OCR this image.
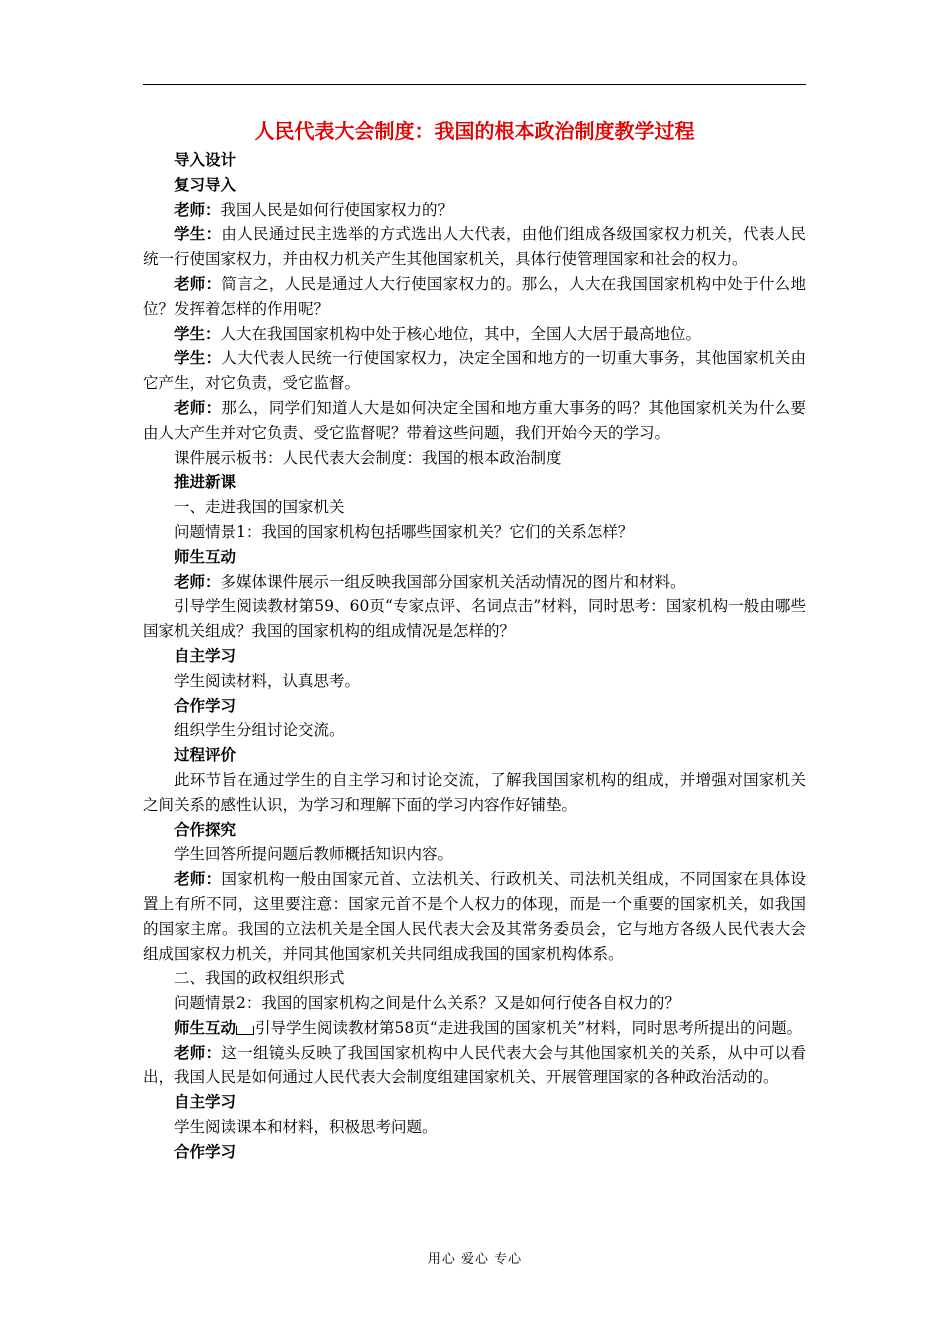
人民代表大会制度：我国的根本政治制度教学过程

导入设计

复习导入

老师：我国人民是如何行使国家权力的？

学生：由人民通过民主选举的方式选出人大代表，由他们组成各级国家权力机关，代表人民统一行使国家权力，并由权力机关产生其他国家机关，具体行使管理国家和社会的权力。

老师：简言之，人民是通过人大行使国家权力的。那么，人大在我国国家机构中处于什么地位？发挥着怎样的作用呢？

学生：人大在我国国家机构中处于核心地位，其中，全国人大居于最高地位。

学生：人大代表人民统一行使国家权力，决定全国和地方的一切重大事务，其他国家机关由它产生，对它负责，受它监督。

老师：那么，同学们知道人大是如何决定全国和地方重大事务的吗？其他国家机关为什么要由人大产生并对它负责、受它监督呢？带着这些问题，我们开始今天的学习。

课件展示板书：人民代表大会制度：我国的根本政治制度

推进新课

一、走进我国的国家机关

问题情景1：我国的国家机构包括哪些国家机关？它们的关系怎样？

师生互动

老师：多媒体课件展示一组反映我国部分国家机关活动情况的图片和材料。

引导学生阅读教材第59、60页“专家点评、名词点击”材料，同时思考：国家机构一般由哪些国家机关组成？我国的国家机构的组成情况是怎样的？

自主学习

学生阅读材料，认真思考。

合作学习

组织学生分组讨论交流。

过程评价

此环节旨在通过学生的自主学习和讨论交流，了解我国国家机构的组成，并增强对国家机关之间关系的感性认识，为学习和理解下面的学习内容作好铺垫。

合作探究

学生回答所提问题后教师概括知识内容。

老师：国家机构一般由国家元首、立法机关、行政机关、司法机关组成，不同国家在具体设置上有所不同，这里要注意：国家元首不是个人权力的体现，而是一个重要的国家机关，如我国的国家主席。我国的立法机关是全国人民代表大会及其常务委员会，它与地方各级人民代表大会组成国家权力机关，并同其他国家机关共同组成我国的国家机构体系。

二、我国的政权组织形式

问题情景2：我国的国家机构之间是什么关系？又是如何行使各自权力的？

师生互动 引导学生阅读教材第58页“走进我国的国家机关”材料，同时思考所提出的问题。

老师：这一组镜头反映了我国国家机构中人民代表大会与其他国家机关的关系，从中可以看出，我国人民是如何通过人民代表大会制度组建国家机关、开展管理国家的各种政治活动的。

自主学习

学生阅读课本和材料，积极思考问题。

合作学习

用心 爱心 专心
